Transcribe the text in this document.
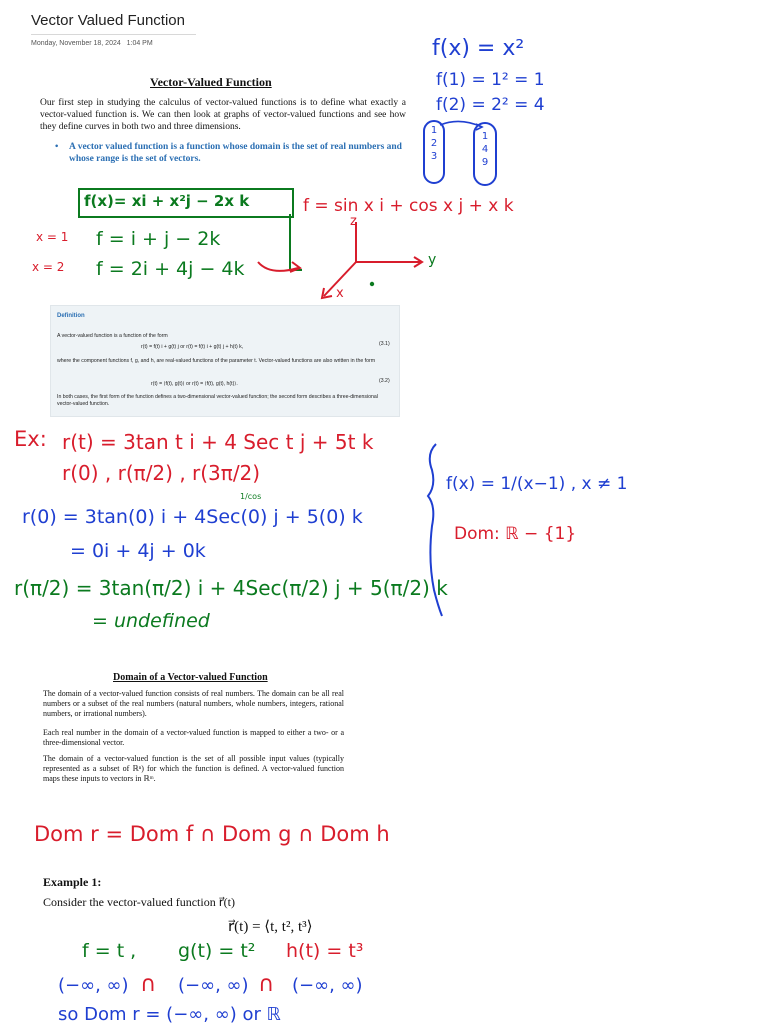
Vector Valued Function
Monday, November 18, 2024 1:04 PM
Vector-Valued Function
Our first step in studying the calculus of vector-valued functions is to define what exactly a vector-valued function is. We can then look at graphs of vector-valued functions and see how they define curves in both two and three dimensions.
•	A vector valued function is a function whose domain is the set of real numbers and whose range is the set of vectors.
f(x) = x²
f(1) = 1² = 1
f(2) = 2² = 4
1
2
3
1
4
9
f(x)= xi + x²j − 2x k	f = sin x i + cos x j + x k
x = 1 f = i + j − 2k
x = 2 f = 2i + 4j − 4k
z
y
x
Definition
A vector-valued function is a function of the form
r(t) = f(t) i + g(t) j or r(t) = f(t) i + g(t) j + h(t) k,	(3.1)
where the component functions f, g, and h, are real-valued functions of the parameter t. Vector-valued functions are also written in the form
r(t) = ⟨f(t), g(t)⟩ or r(t) = ⟨f(t), g(t), h(t)⟩.	(3.2)
In both cases, the first form of the function defines a two-dimensional vector-valued function; the second form describes a three-dimensional vector-valued function.
Ex: r(t) = 3tan t i + 4 Sec t j + 5t k
r(0) , r(π/2) , r(3π/2)	f(x) = 1/(x−1) , x ≠ 1
Dom: ℝ − {1}
r(0) = 3tan(0) i + 4Sec(0) j + 5(0) k
1/cos
= 0i + 4j + 0k
r(π/2) = 3tan(π/2) i + 4Sec(π/2) j + 5(π/2) k
= undefined
Domain of a Vector-valued Function
The domain of a vector-valued function consists of real numbers. The domain can be all real numbers or a subset of the real numbers (natural numbers, whole numbers, integers, rational numbers, or irrational numbers).
Each real number in the domain of a vector-valued function is mapped to either a two- or a three-dimensional vector.
The domain of a vector-valued function is the set of all possible input values (typically represented as a subset of ℝⁿ) for which the function is defined. A vector-valued function maps these inputs to vectors in ℝᵐ.
Dom r = Dom f ∩ Dom g ∩ Dom h
Example 1:
Consider the vector-valued function r⃗(t)
r⃗(t) = ⟨t, t², t³⟩
f = t , g(t) = t² h(t) = t³
(−∞, ∞) ∩ (−∞, ∞) ∩ (−∞, ∞)
so Dom r = (−∞, ∞) or ℝ
